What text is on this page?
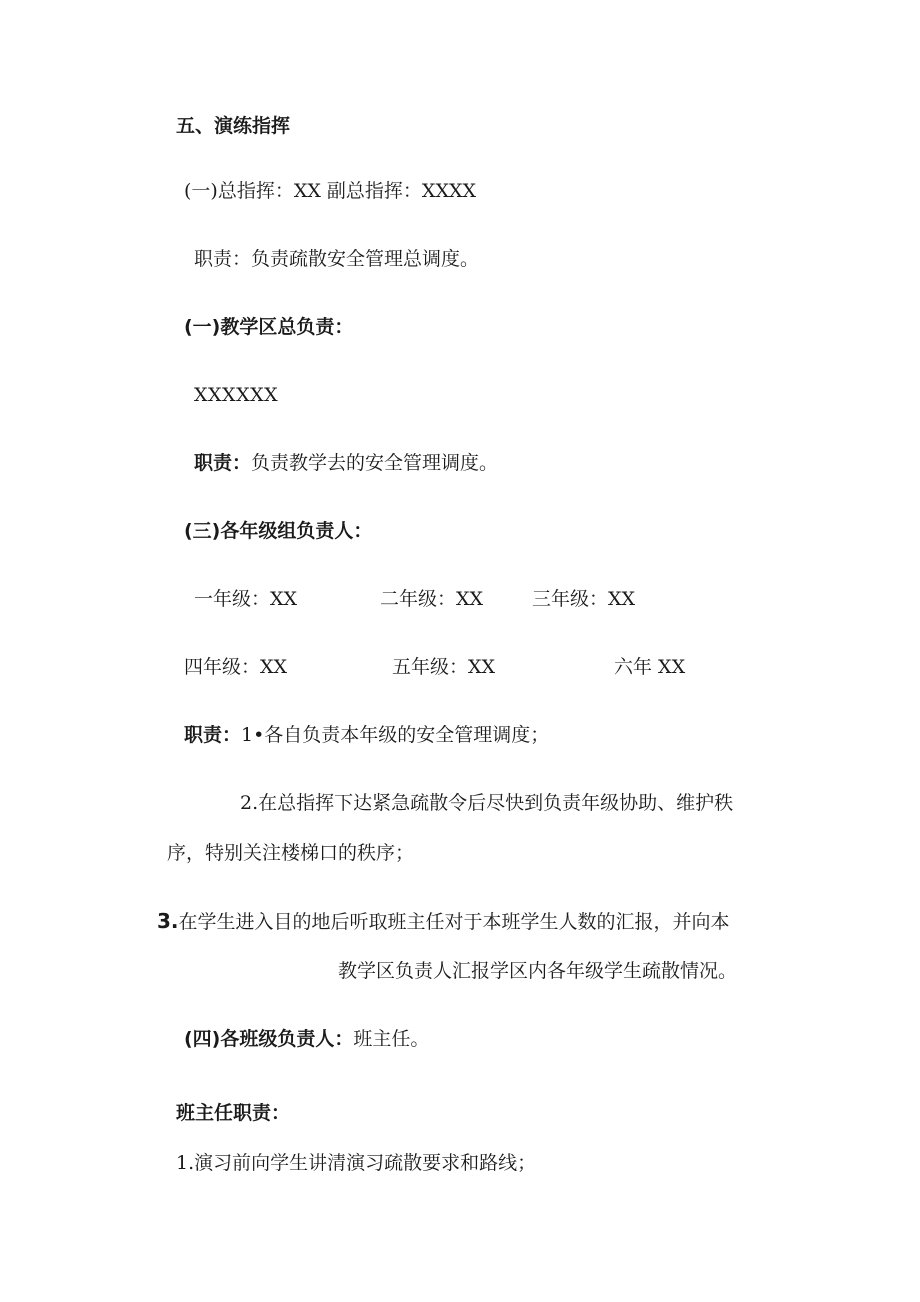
五、演练指挥
(一)总指挥：XX 副总指挥：XXXX
职责：负责疏散安全管理总调度。
(一)教学区总负责：
XXXXXX
职责：负责教学去的安全管理调度。
(三)各年级组负责人：
一年级：XX	二年级：XX	三年级：XX
四年级：XX	五年级：XX	六年 XX
职责：1•各自负责本年级的安全管理调度；
2.在总指挥下达紧急疏散令后尽快到负责年级协助、维护秩
序，特别关注楼梯口的秩序；
3.在学生进入目的地后听取班主任对于本班学生人数的汇报，并向本
教学区负责人汇报学区内各年级学生疏散情况。
(四)各班级负责人：班主任。
班主任职责：
1.演习前向学生讲清演习疏散要求和路线；
